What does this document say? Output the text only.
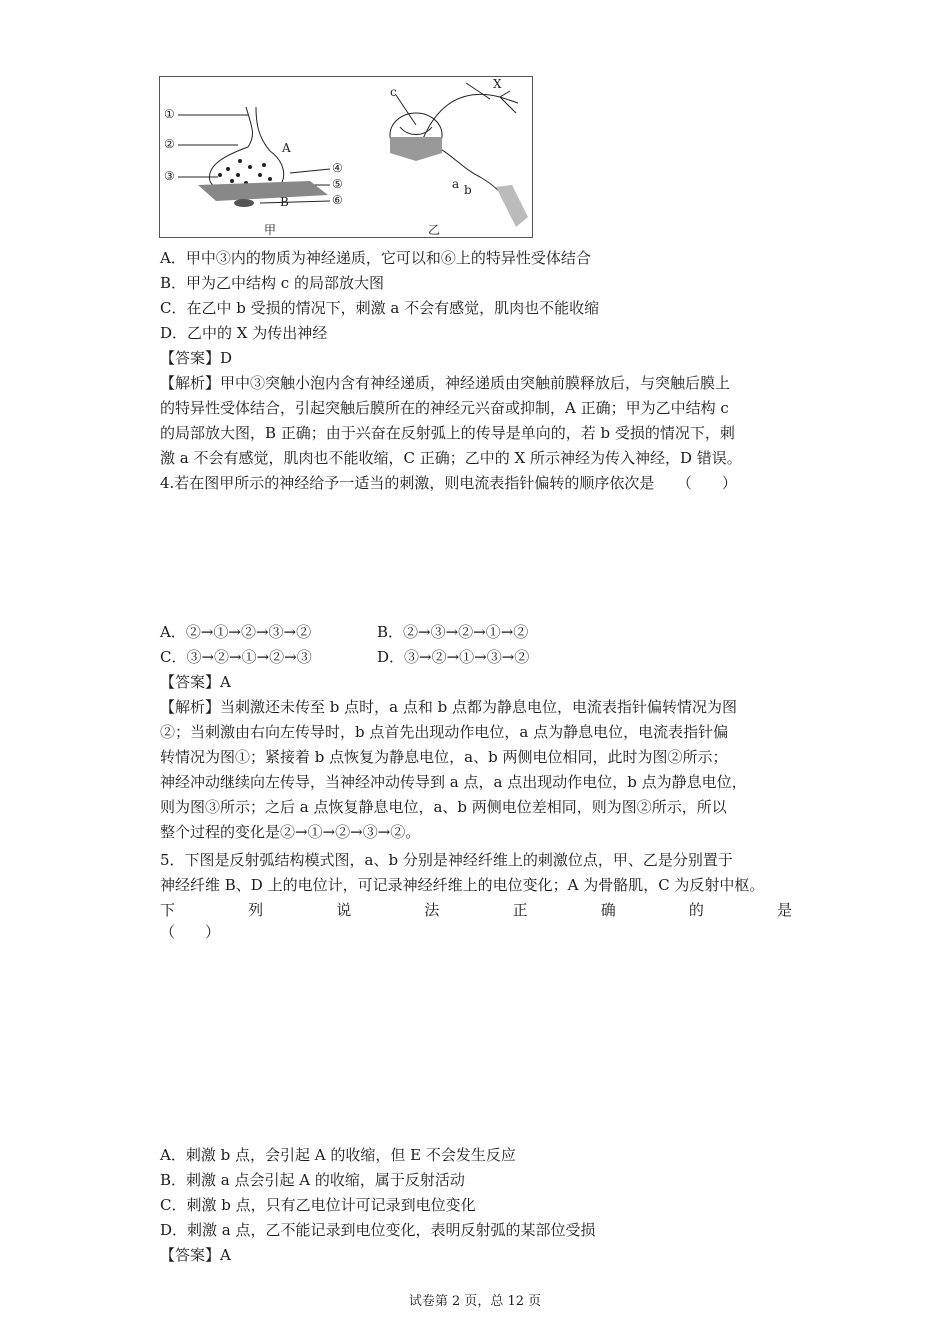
①
②
③
④
⑤
⑥
A
B
c
a b
X
甲	乙
A．甲中③内的物质为神经递质，它可以和⑥上的特异性受体结合
B．甲为乙中结构 c 的局部放大图
C．在乙中 b 受损的情况下，刺激 a 不会有感觉，肌肉也不能收缩
D．乙中的 X 为传出神经
【答案】D
【解析】甲中③突触小泡内含有神经递质，神经递质由突触前膜释放后，与突触后膜上
的特异性受体结合，引起突触后膜所在的神经元兴奋或抑制，A 正确；甲为乙中结构 c
的局部放大图，B 正确；由于兴奋在反射弧上的传导是单向的，若 b 受损的情况下，刺
激 a 不会有感觉，肌肉也不能收缩，C 正确；乙中的 X 所示神经为传入神经，D 错误。
4.若在图甲所示的神经给予一适当的刺激，则电流表指针偏转的顺序依次是　　（　　）
A．②→①→②→③→②	B．②→③→②→①→②
C．③→②→①→②→③	D．③→②→①→③→②
【答案】A
【解析】当刺激还未传至 b 点时，a 点和 b 点都为静息电位，电流表指针偏转情况为图
②；当刺激由右向左传导时，b 点首先出现动作电位，a 点为静息电位，电流表指针偏
转情况为图①；紧接着 b 点恢复为静息电位，a、b 两侧电位相同，此时为图②所示；
神经冲动继续向左传导，当神经冲动传导到 a 点，a 点出现动作电位，b 点为静息电位，
则为图③所示；之后 a 点恢复静息电位，a、b 两侧电位差相同，则为图②所示，所以
整个过程的变化是②→①→②→③→②。
5．下图是反射弧结构模式图，a、b 分别是神经纤维上的刺激位点，甲、乙是分别置于
神经纤维 B、D 上的电位计，可记录神经纤维上的电位变化；A 为骨骼肌，C 为反射中枢。
下	列	说	法	正	确	的	是
（　　）
A．刺激 b 点，会引起 A 的收缩，但 E 不会发生反应
B．刺激 a 点会引起 A 的收缩，属于反射活动
C．刺激 b 点，只有乙电位计可记录到电位变化
D．刺激 a 点，乙不能记录到电位变化，表明反射弧的某部位受损
【答案】A
试卷第 2 页，总 12 页
